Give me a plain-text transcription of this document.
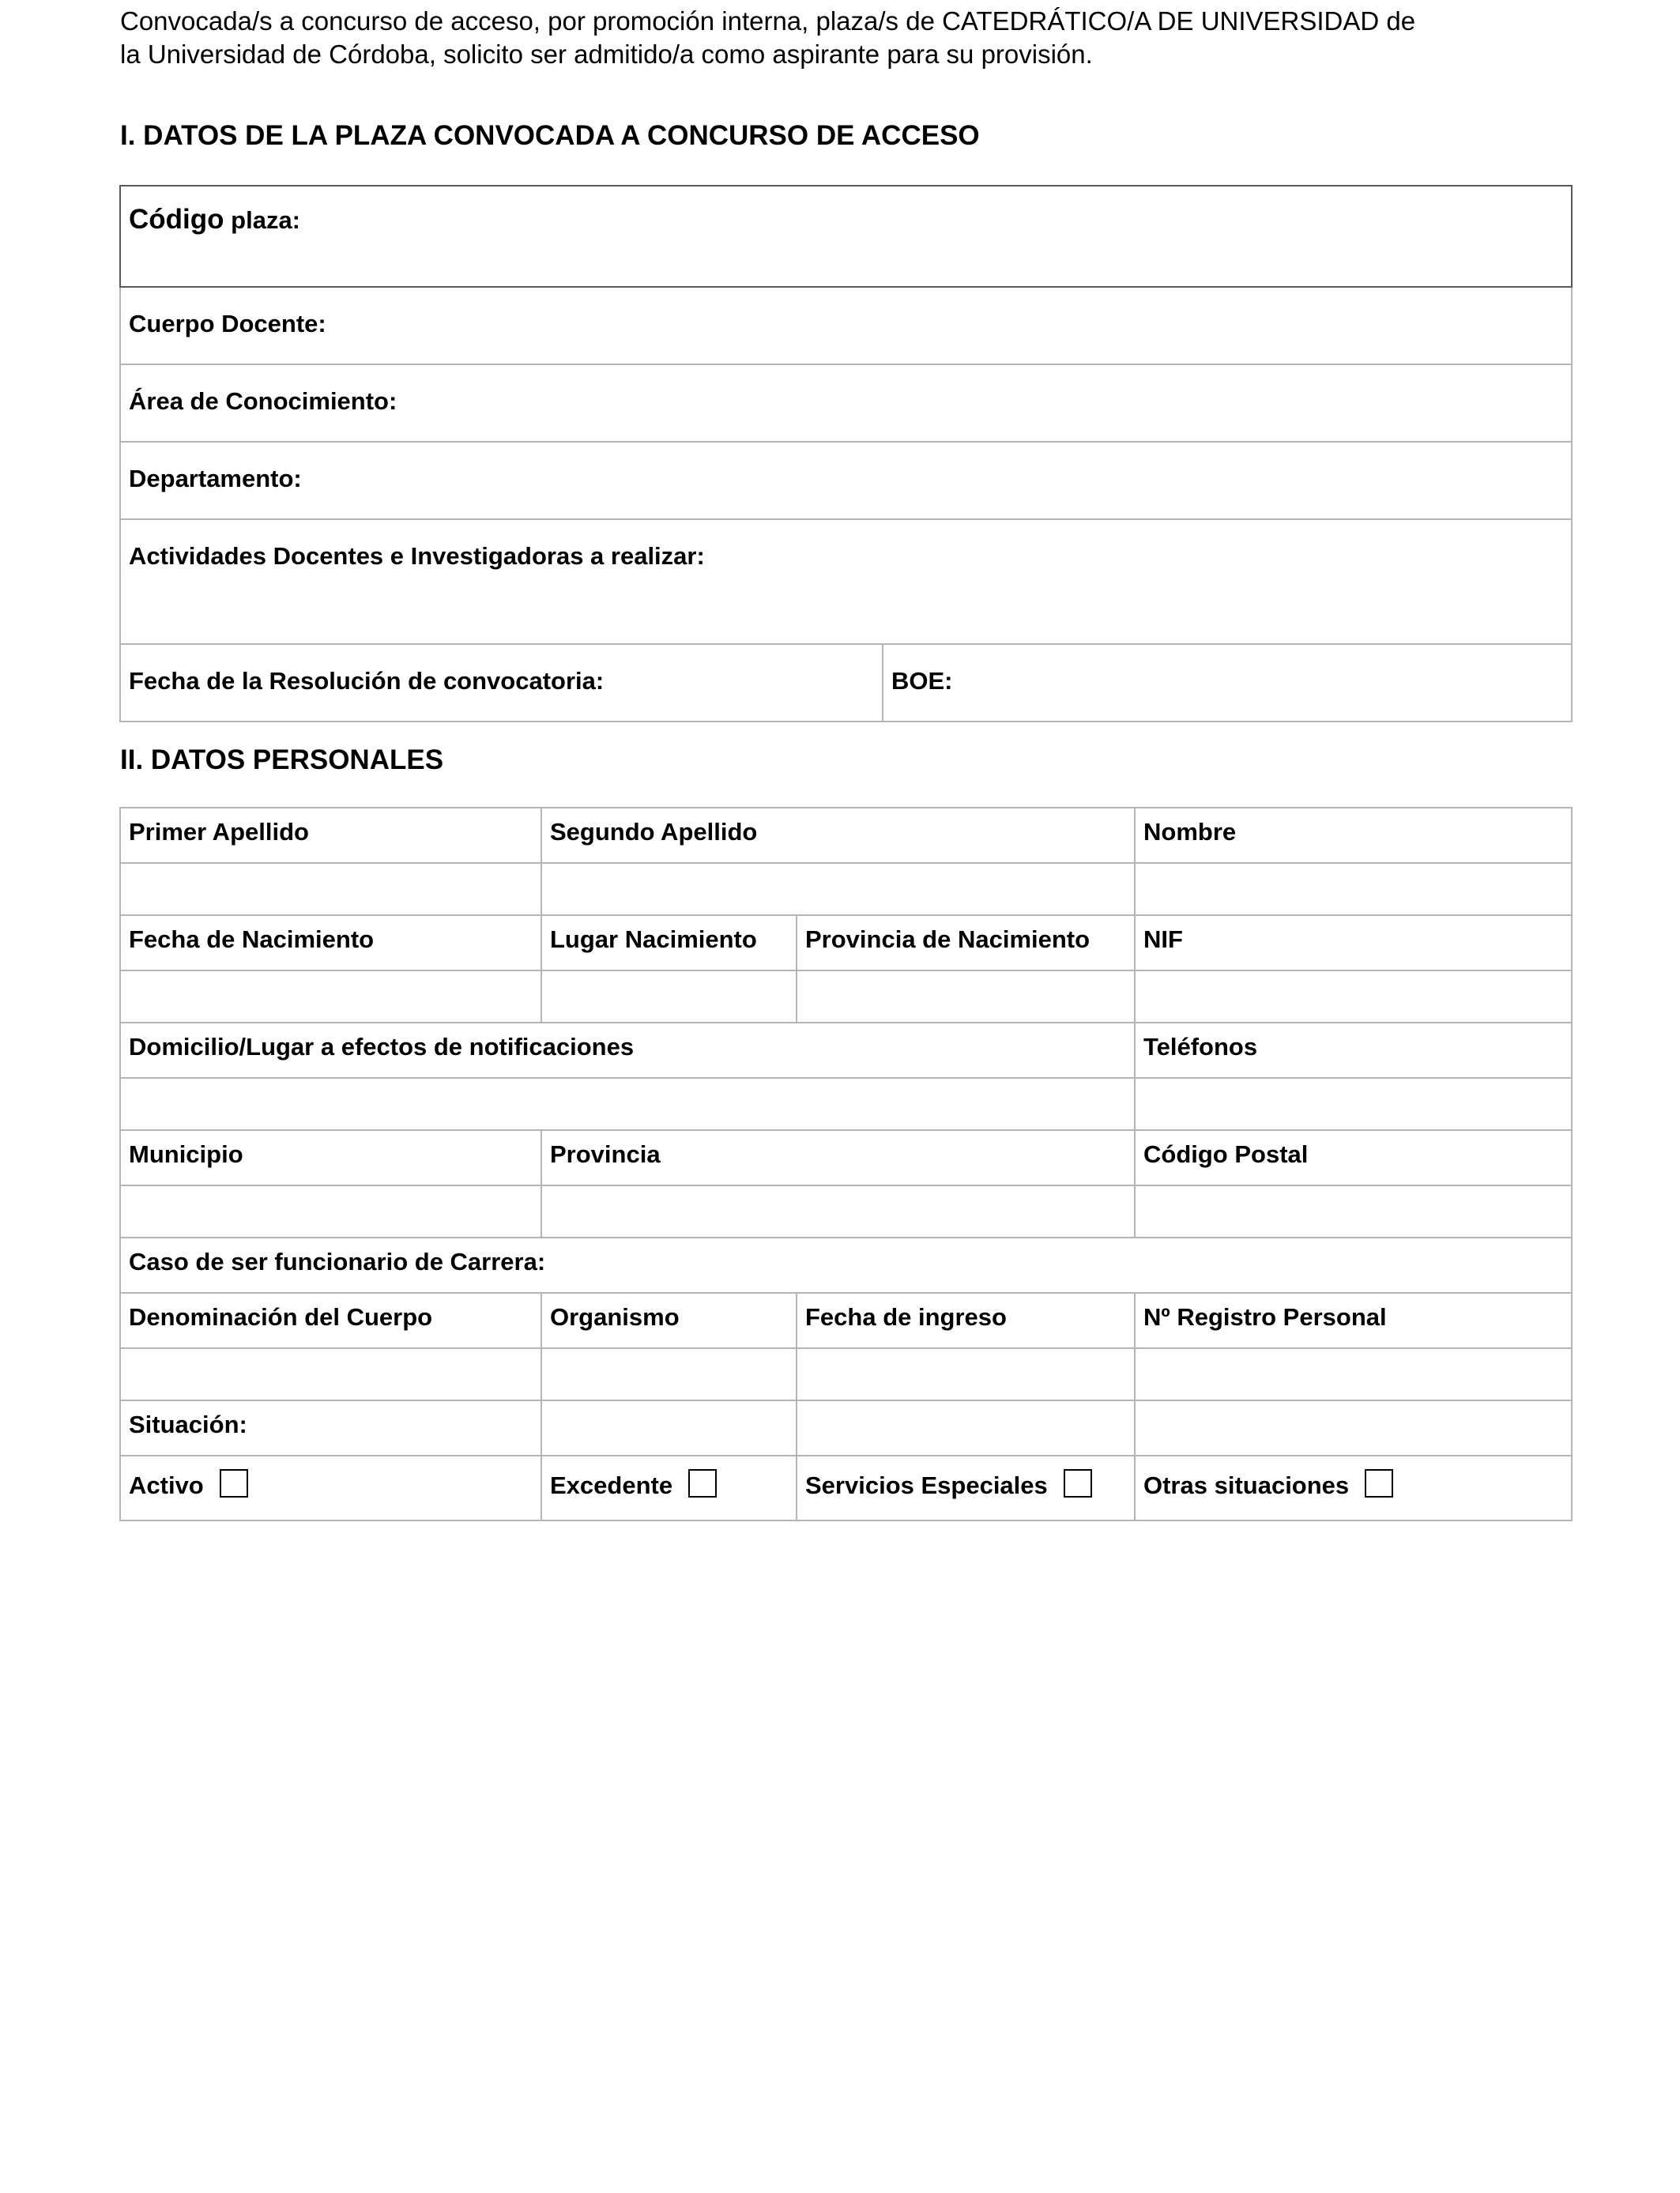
Convocada/s a concurso de acceso, por promoción interna, plaza/s de CATEDRÁTICO/A DE UNIVERSIDAD de

la Universidad de Córdoba, solicito ser admitido/a como aspirante para su provisión.

I. DATOS DE LA PLAZA CONVOCADA A CONCURSO DE ACCESO
Código plaza:
Cuerpo Docente:
Área de Conocimiento:
Departamento:
Actividades Docentes e Investigadoras a realizar:
Fecha de la Resolución de convocatoria:	BOE:
II. DATOS PERSONALES
Primer Apellido	Segundo Apellido		Nombre

Fecha de Nacimiento	Lugar Nacimiento	Provincia de Nacimiento	NIF

Domicilio/Lugar a efectos de notificaciones			Teléfonos

Municipio	Provincia		Código Postal

Caso de ser funcionario de Carrera:			
Denominación del Cuerpo	Organismo	Fecha de ingreso	Nº Registro Personal

Situación:			
Activo	Excedente	Servicios Especiales	Otras situaciones
